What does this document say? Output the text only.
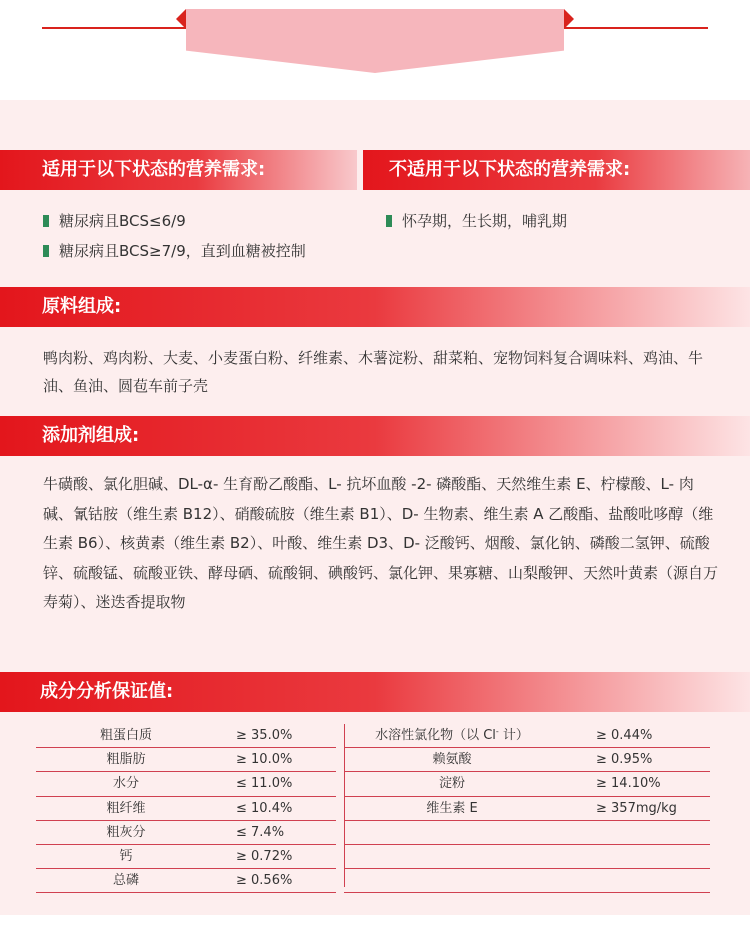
适用于以下状态的营养需求:	不适用于以下状态的营养需求:
糖尿病且BCS≤6/9
糖尿病且BCS≥7/9，直到血糖被控制
怀孕期，生长期，哺乳期
原料组成:
鸭肉粉、鸡肉粉、大麦、小麦蛋白粉、纤维素、木薯淀粉、甜菜粕、宠物饲料复合调味料、鸡油、牛油、鱼油、圆苞车前子壳
添加剂组成:
牛磺酸、氯化胆碱、DL-α- 生育酚乙酸酯、L- 抗坏血酸 -2- 磷酸酯、天然维生素 E、柠檬酸、L- 肉碱、氰钴胺（维生素 B12）、硝酸硫胺（维生素 B1）、D- 生物素、维生素 A 乙酸酯、盐酸吡哆醇（维生素 B6）、核黄素（维生素 B2）、叶酸、维生素 D3、D- 泛酸钙、烟酸、氯化钠、磷酸二氢钾、硫酸锌、硫酸锰、硫酸亚铁、酵母硒、硫酸铜、碘酸钙、氯化钾、果寡糖、山梨酸钾、天然叶黄素（源自万寿菊）、迷迭香提取物
成分分析保证值:
粗蛋白质	≥ 35.0%
粗脂肪	≥ 10.0%
水分	≤ 11.0%
粗纤维	≤ 10.4%
粗灰分	≤ 7.4%
钙	≥ 0.72%
总磷	≥ 0.56%
水溶性氯化物（以 Cl- 计）	≥ 0.44%
赖氨酸	≥ 0.95%
淀粉	≥ 14.10%
维生素 E	≥ 357mg/kg
